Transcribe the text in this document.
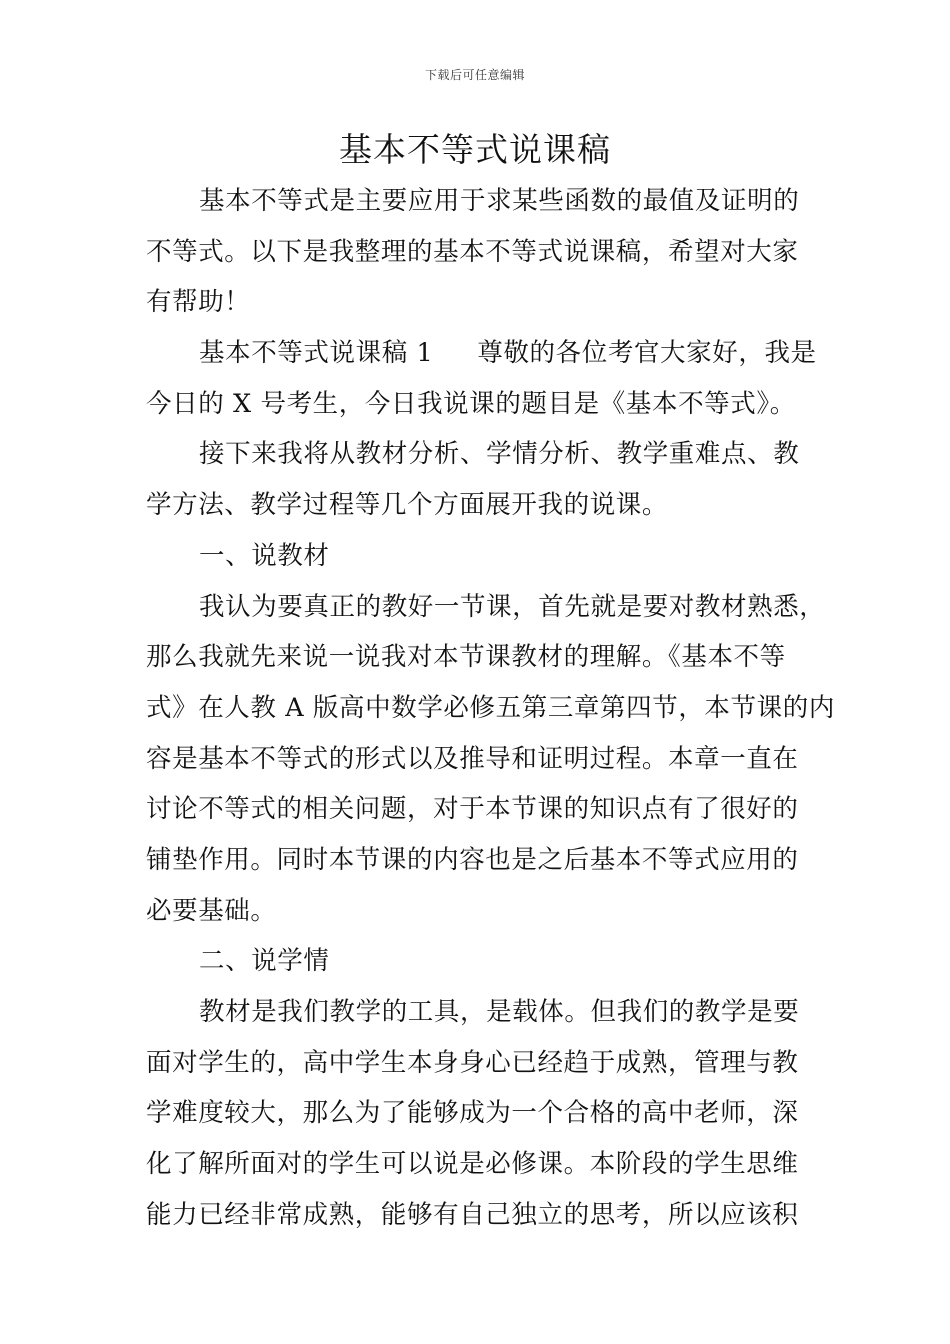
下载后可任意编辑
基本不等式说课稿
基本不等式是主要应用于求某些函数的最值及证明的
不等式。以下是我整理的基本不等式说课稿，希望对大家
有帮助！
基本不等式说课稿 1 尊敬的各位考官大家好，我是
今日的 X 号考生，今日我说课的题目是《基本不等式》。
接下来我将从教材分析、学情分析、教学重难点、教
学方法、教学过程等几个方面展开我的说课。
一、说教材
我认为要真正的教好一节课，首先就是要对教材熟悉，
那么我就先来说一说我对本节课教材的理解。《基本不等
式》在人教 A 版高中数学必修五第三章第四节，本节课的内
容是基本不等式的形式以及推导和证明过程。本章一直在
讨论不等式的相关问题，对于本节课的知识点有了很好的
铺垫作用。同时本节课的内容也是之后基本不等式应用的
必要基础。
二、说学情
教材是我们教学的工具，是载体。但我们的教学是要
面对学生的，高中学生本身身心已经趋于成熟，管理与教
学难度较大，那么为了能够成为一个合格的高中老师，深
化了解所面对的学生可以说是必修课。本阶段的学生思维
能力已经非常成熟，能够有自己独立的思考，所以应该积
